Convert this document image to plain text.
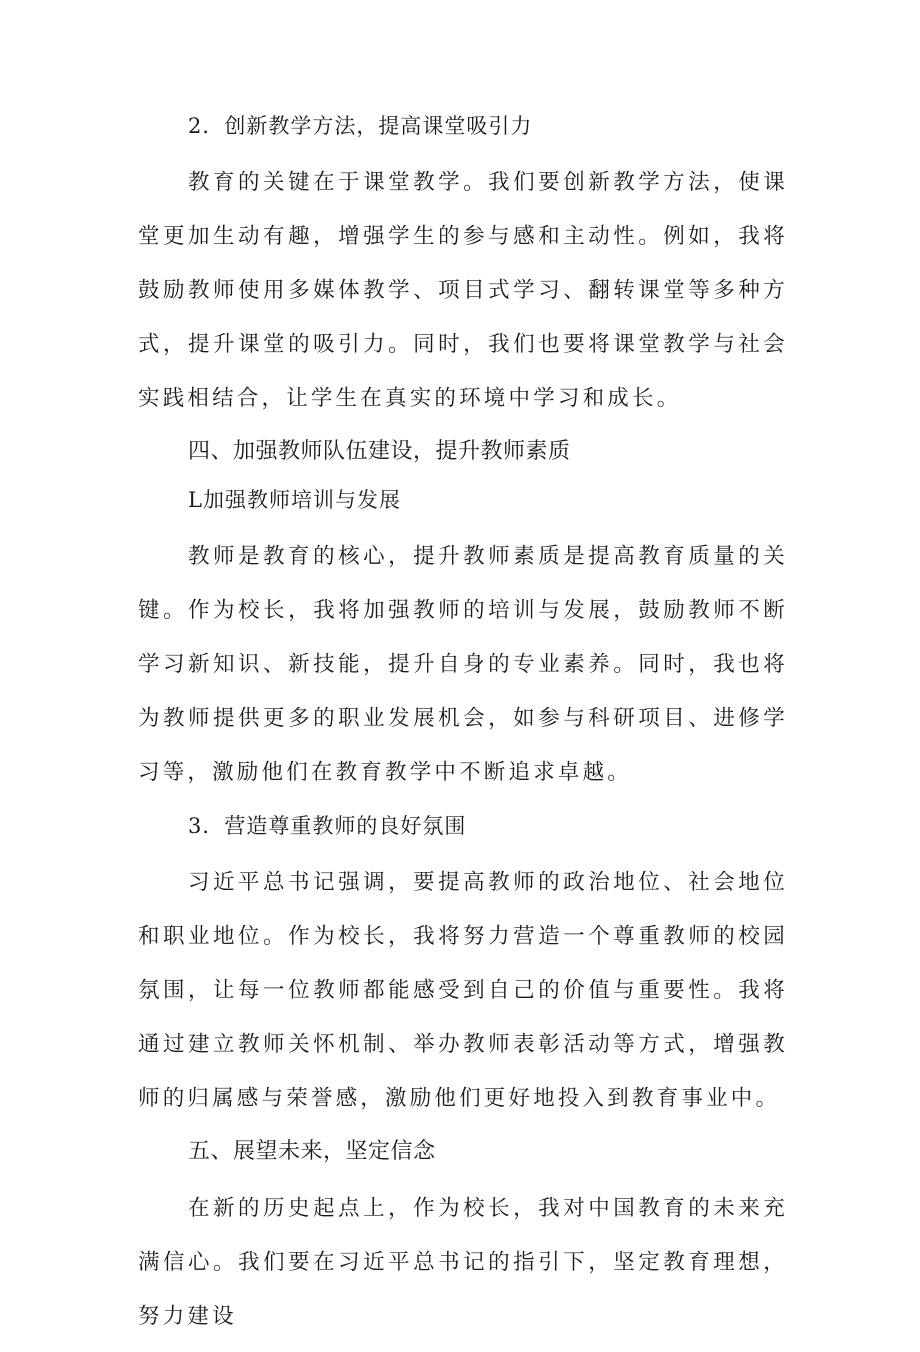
2．创新教学方法，提高课堂吸引力

教育的关键在于课堂教学。我们要创新教学方法，使课堂更加生动有趣，增强学生的参与感和主动性。例如，我将鼓励教师使用多媒体教学、项目式学习、翻转课堂等多种方式，提升课堂的吸引力。同时，我们也要将课堂教学与社会实践相结合，让学生在真实的环境中学习和成长。

四、加强教师队伍建设，提升教师素质
L加强教师培训与发展

教师是教育的核心，提升教师素质是提高教育质量的关键。作为校长，我将加强教师的培训与发展，鼓励教师不断学习新知识、新技能，提升自身的专业素养。同时，我也将为教师提供更多的职业发展机会，如参与科研项目、进修学习等，激励他们在教育教学中不断追求卓越。

3．营造尊重教师的良好氛围

习近平总书记强调，要提高教师的政治地位、社会地位和职业地位。作为校长，我将努力营造一个尊重教师的校园氛围，让每一位教师都能感受到自己的价值与重要性。我将通过建立教师关怀机制、举办教师表彰活动等方式，增强教师的归属感与荣誉感，激励他们更好地投入到教育事业中。

五、展望未来，坚定信念

在新的历史起点上，作为校长，我对中国教育的未来充满信心。我们要在习近平总书记的指引下，坚定教育理想，努力建设
